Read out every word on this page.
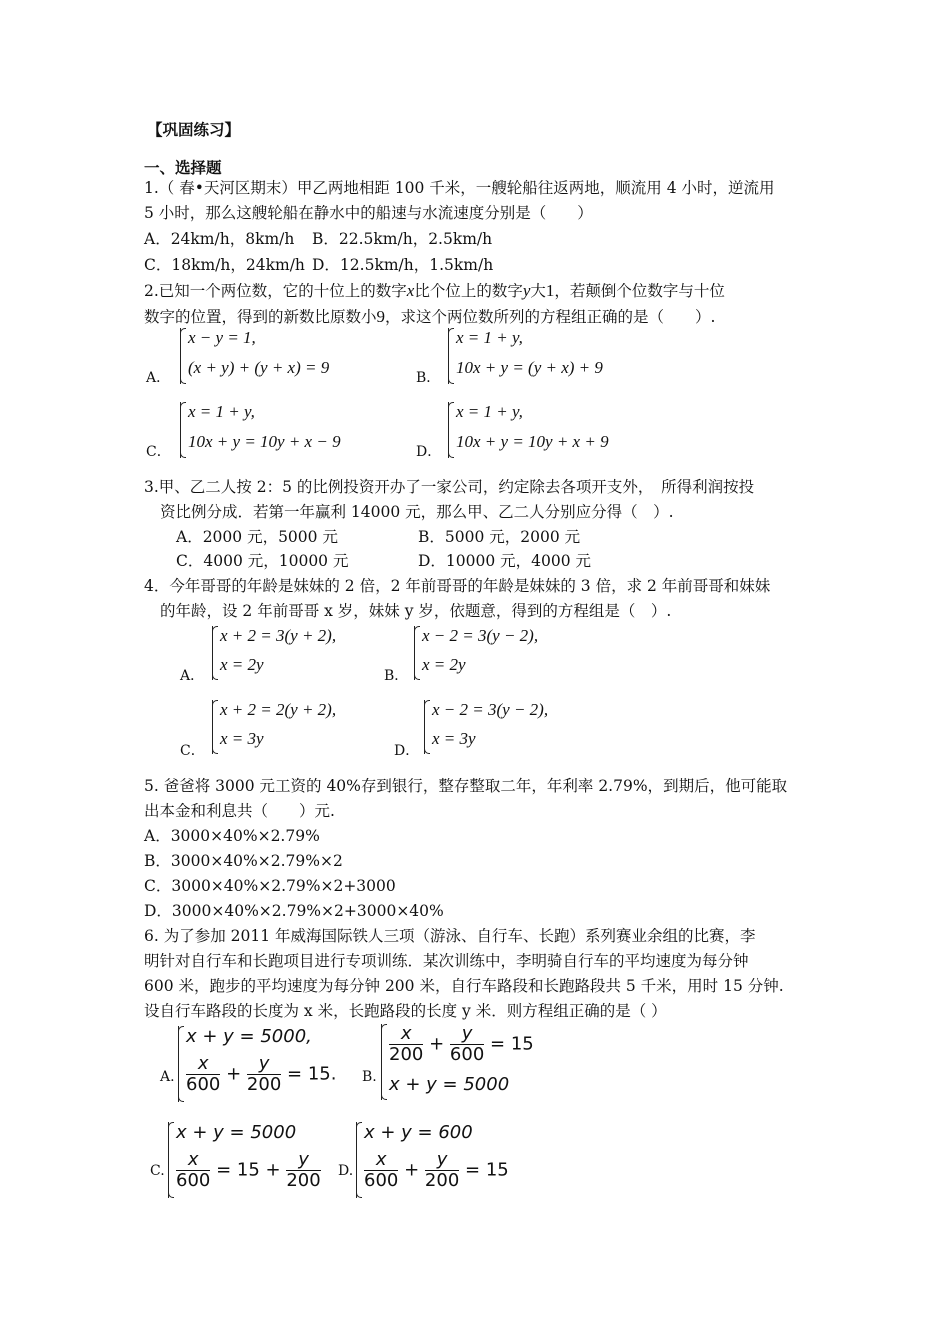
【巩固练习】
一、选择题
1.（ 春•天河区期末）甲乙两地相距 100 千米，一艘轮船往返两地，顺流用 4 小时，逆流用
5 小时，那么这艘轮船在静水中的船速与水流速度分别是（　　）
A．24km/h，8km/h B．22.5km/h，2.5km/h
C．18km/h，24km/h D．12.5km/h，1.5km/h
2.已知一个两位数，它的十位上的数字x比个位上的数字y大1，若颠倒个位数字与十位
数字的位置，得到的新数比原数小9，求这个两位数所列的方程组正确的是（　　）.
A．
x − y = 1,
(x + y) + (y + x) = 9
B．
x = 1 + y,
10x + y = (y + x) + 9
C．
x = 1 + y,
10x + y = 10y + x − 9
D．
x = 1 + y,
10x + y = 10y + x + 9
3.甲、乙二人按 2：5 的比例投资开办了一家公司，约定除去各项开支外，　所得利润按投
资比例分成．若第一年赢利 14000 元，那么甲、乙二人分别应分得（　）.
A．2000 元，5000 元	B．5000 元，2000 元
C．4000 元，10000 元	D．10000 元，4000 元
4．今年哥哥的年龄是妹妹的 2 倍，2 年前哥哥的年龄是妹妹的 3 倍，求 2 年前哥哥和妹妹
的年龄，设 2 年前哥哥 x 岁，妹妹 y 岁，依题意，得到的方程组是（　）.
A．
x + 2 = 3(y + 2),
x = 2y
B．
x − 2 = 3(y − 2),
x = 2y
C．
x + 2 = 2(y + 2),
x = 3y
D．
x − 2 = 3(y − 2),
x = 3y
5. 爸爸将 3000 元工资的 40%存到银行，整存整取二年，年利率 2.79%，到期后，他可能取
出本金和利息共（　　）元.
A．3000×40%×2.79%
B．3000×40%×2.79%×2
C．3000×40%×2.79%×2+3000
D．3000×40%×2.79%×2+3000×40%
6. 为了参加 2011 年威海国际铁人三项（游泳、自行车、长跑）系列赛业余组的比赛，李
明针对自行车和长跑项目进行专项训练．某次训练中，李明骑自行车的平均速度为每分钟
600 米，跑步的平均速度为每分钟 200 米，自行车路段和长跑路段共 5 千米，用时 15 分钟.
设自行车路段的长度为 x 米，长跑路段的长度 y 米．则方程组正确的是（ ）
A.
x + y = 5000,
$\frac{x}{600} + \frac{y}{200} = 15$. B.
$\frac{x}{200} + \frac{y}{600} = 15$
x + y = 5000
C.
x + y = 5000
$\frac{x}{600} = 15 + \frac{y}{200} D$.
x + y = 600
$\frac{x}{600} + \frac{y}{200} = 15$
